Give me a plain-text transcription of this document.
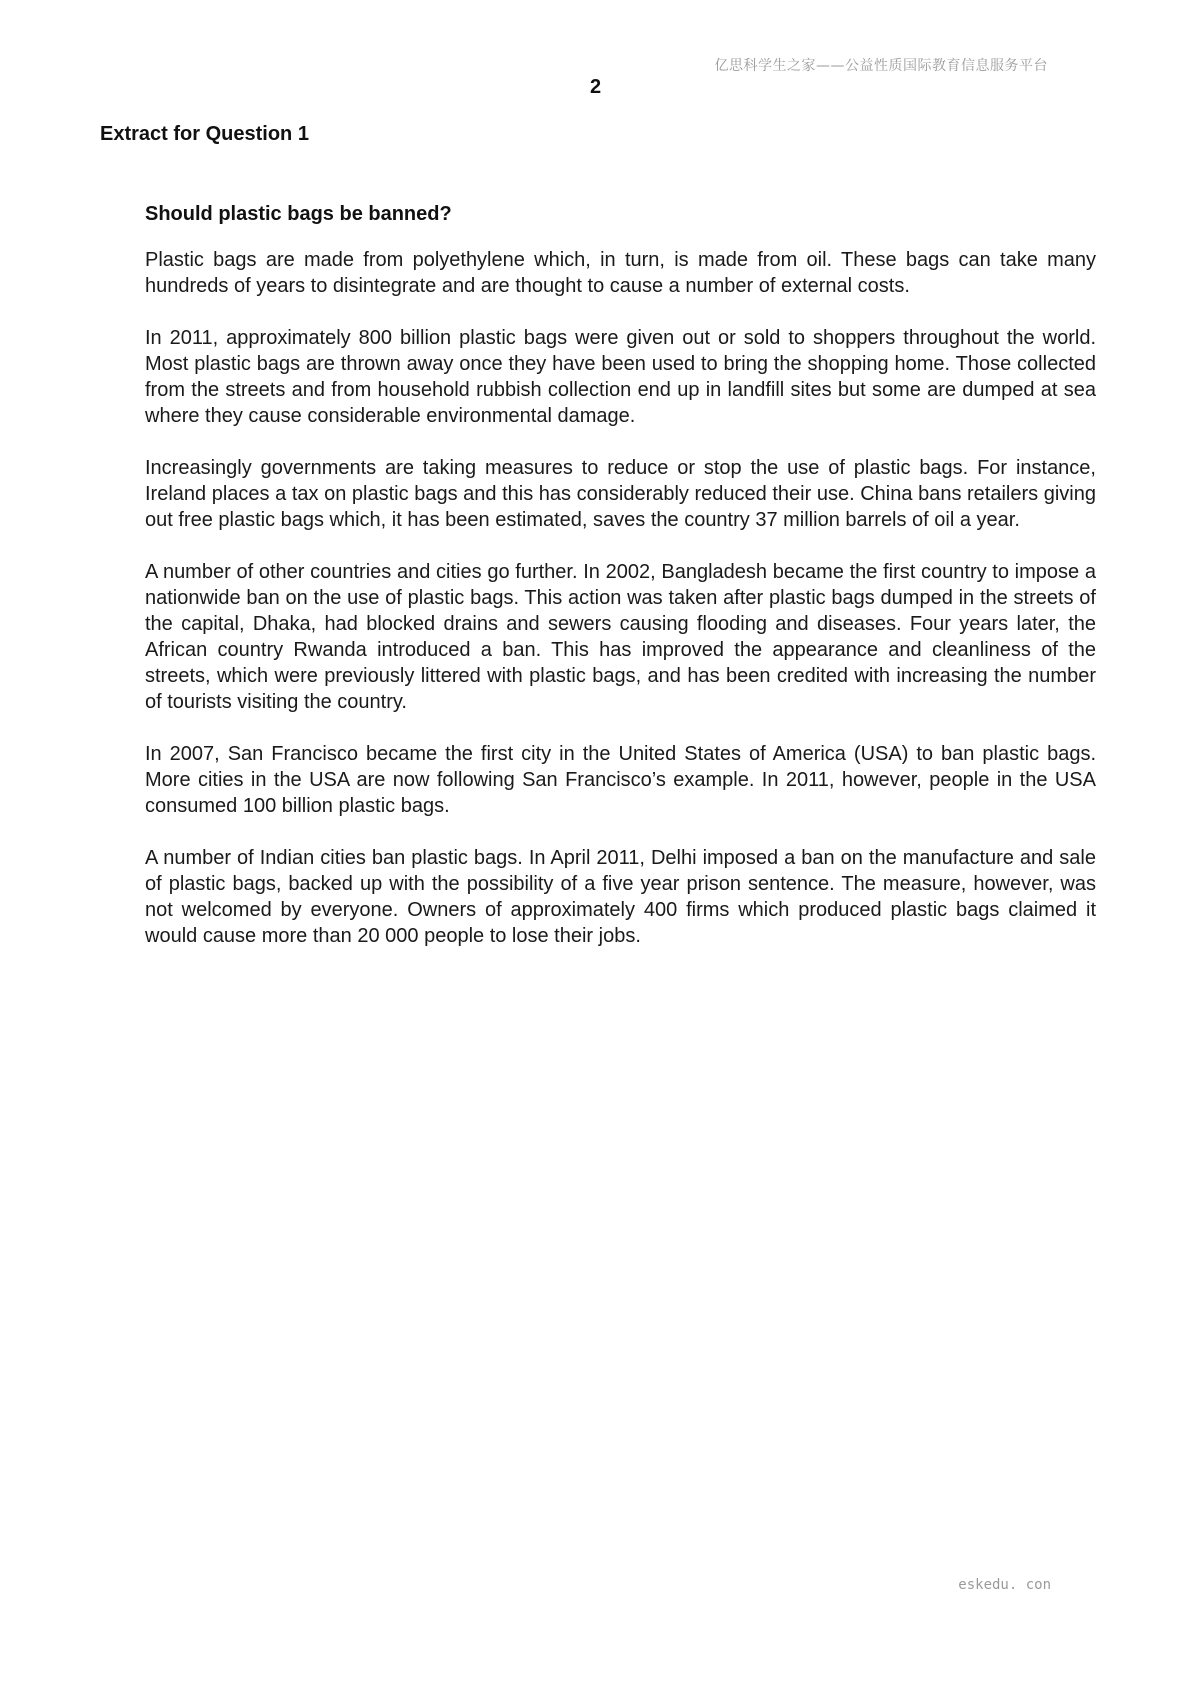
亿思科学生之家——公益性质国际教育信息服务平台
2
Extract for Question 1
Should plastic bags be banned?

Plastic bags are made from polyethylene which, in turn, is made from oil. These bags can take many hundreds of years to disintegrate and are thought to cause a number of external costs.

In 2011, approximately 800 billion plastic bags were given out or sold to shoppers throughout the world. Most plastic bags are thrown away once they have been used to bring the shopping home. Those collected from the streets and from household rubbish collection end up in landfill sites but some are dumped at sea where they cause considerable environmental damage.

Increasingly governments are taking measures to reduce or stop the use of plastic bags. For instance, Ireland places a tax on plastic bags and this has considerably reduced their use. China bans retailers giving out free plastic bags which, it has been estimated, saves the country 37 million barrels of oil a year.

A number of other countries and cities go further. In 2002, Bangladesh became the first country to impose a nationwide ban on the use of plastic bags. This action was taken after plastic bags dumped in the streets of the capital, Dhaka, had blocked drains and sewers causing flooding and diseases. Four years later, the African country Rwanda introduced a ban. This has improved the appearance and cleanliness of the streets, which were previously littered with plastic bags, and has been credited with increasing the number of tourists visiting the country.

In 2007, San Francisco became the first city in the United States of America (USA) to ban plastic bags. More cities in the USA are now following San Francisco’s example. In 2011, however, people in the USA consumed 100 billion plastic bags.

A number of Indian cities ban plastic bags. In April 2011, Delhi imposed a ban on the manufacture and sale of plastic bags, backed up with the possibility of a five year prison sentence. The measure, however, was not welcomed by everyone. Owners of approximately 400 firms which produced plastic bags claimed it would cause more than 20 000 people to lose their jobs.

eskedu. con
